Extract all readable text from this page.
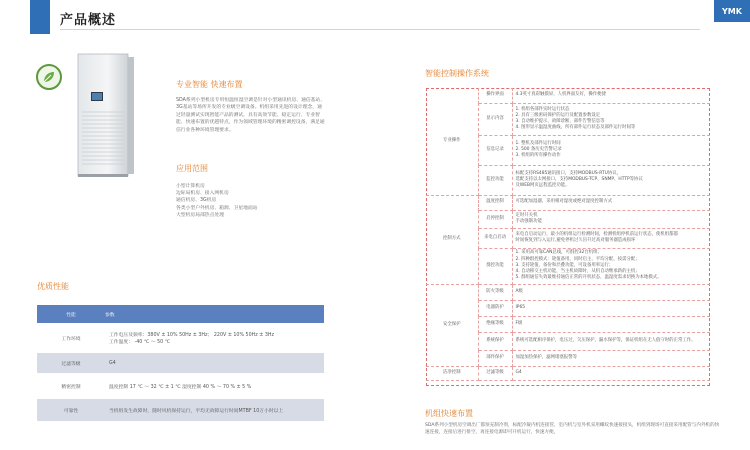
产品概述
YMK
专业智能 快速布置
SDA系列小型机房专用恒温恒湿空调是针对小型通讯机房、通信基站、3G基站等场所开发的专业级空调设备。机组采用先进的设计理念，通过轻量测试实现智能产品的测试，具有高效节能、稳定运行、专业智能、快速布置的优越特点，作为领域管理环境的精密调控设备，满足通信行业各种环境管理要求。
应用范围
小型计算机房
边际局机房、接入网机房
通信机房、3G机房
各类小型户外机房、箱源、卫星地面站
大型机房局部热点处理
优质性能
性能	参数
工作环境	工作电压及频率：380V ± 10% 50Hz ± 3Hz； 220V ± 10% 50Hz ± 3Hz
工作温度： -40 ℃ ～ 50 ℃

过滤等级	G4
精密控制	温度控制 17 ℃ ～ 32 ℃ ± 1 ℃ 湿度控制 40 % ～ 70 % ± 5 %
可靠性	当机组发生故障时，随时风机保持运行，平均无故障运行时间MTBF 10万小时以上
智能控制操作系统
专业操作	操作界面	4.3英寸真彩触摸屏，人机界面友好，操作便捷
	显示内容	1. 机组各部件实时运行状态
2. 具有三级密码保护的运行及配置参数设定
3. 自动维护提示，故障诊断，部件告警信息等
4. 图形显示温湿度曲线，所有部件运行状态及部件运行时间等

	信息记录	1. 整机及部件运行时间
2. 500 条历史告警记录
3. 机组的所有操作动作

	监控功能	标配支持RS485通讯接口，支持MODBUS-RTU协议，
选配支持以太网接口，支持MODBUS-TCP、SNMP、HTTP等协议
及WEB网页远程监控功能。

控制方式	温度控制	可选配加湿器，采用相对湿度或绝对湿度控制方式
	启停控制	定时开关机
手动强制功能

	来电自启动	来电自启动运行，最小的机组运行检测时间，检测机组停机前运行状态，使机组都都
时间恢复到与入运行,避免停机过久盲升过高对服务器造成损坏

	群控功能	1. 采用高可靠CAN总线，可群控32台机组；
2. 四种群控模式：轮值备用、同时启主、平均分配、按需分配；
3. 支持轮值，备份和层叠功能，可设备用率运行；
4. 自动移交主机功能，当主机故障时，从机自动继承新的主机；
5. 群组通信失效最维持通信正常的开机状态，温湿度需求切换为本地模式。

安全保护	防火等级	A级
	电器防护	IP65
	绝缘等级	F级
	系统保护	系统可选配相序保护，电压过、欠压保护，漏水保护等，保证机组在无人值守时的正常工作。
	部件保护	加湿加热保护，滤网堵塞报警等
洁净控制	过滤等级	G4
机组快速布置
SDA系列小型机房空调出厂都预充制冷剂，标配冷凝内机连接管，室内机与室外机采用螺纹快速接接头，机组到现场可直接采用配管与内外机的快速连接，连接后进行排空，再连接电源即可开机运行，快速方便。
